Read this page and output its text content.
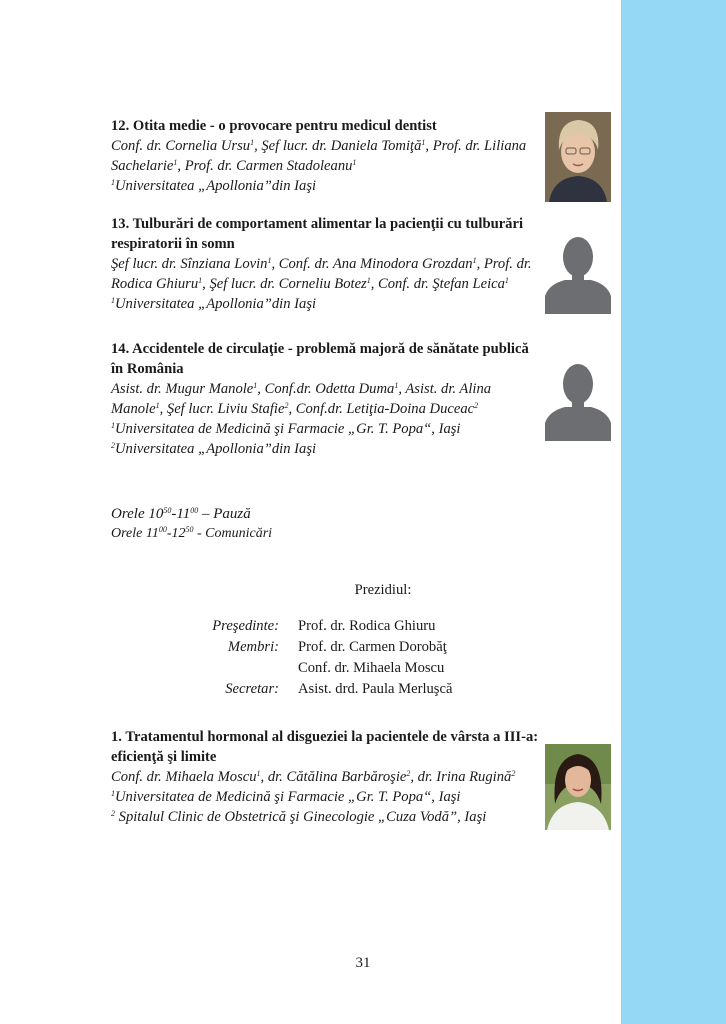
12. Otita medie - o provocare pentru medicul dentist
Conf. dr. Cornelia Ursu$^1$, Şef lucr. dr. Daniela Tomiţă$^1$, Prof. dr. Liliana Sachelarie$^1$, Prof. dr. Carmen Stadoleanu$^1$
$^1$Universitatea „Apollonia”din Iaşi
13. Tulburări de comportament alimentar la pacienţii cu tulburări respiratorii în somn
Şef lucr. dr. Sînziana Lovin$^1$, Conf. dr. Ana Minodora Grozdan$^1$, Prof. dr. Rodica Ghiuru$^1$, Şef lucr. dr. Corneliu Botez$^1$, Conf. dr. Ştefan Leica$^1$
$^1$Universitatea „Apollonia”din Iaşi
14. Accidentele de circulaţie - problemă majoră de sănătate publică în România
Asist. dr. Mugur Manole$^1$, Conf.dr. Odetta Duma$^1$, Asist. dr. Alina Manole$^1$, Şef lucr. Liviu Stafie$^2$, Conf.dr. Letiţia-Doina Duceac$^2$
$^1$Universitatea de Medicină şi Farmacie „Gr. T. Popa“, Iaşi
$^2$Universitatea „Apollonia”din Iaşi
Orele $10^{50}-11^{00}$ – Pauză
Orele $11^{00}-12^{50}$ - Comunicări
Prezidiul:
Preşedinte: Prof. dr. Rodica Ghiuru
Membri: Prof. dr. Carmen Dorobăţ
Conf. dr. Mihaela Moscu
Secretar: Asist. drd. Paula Merluşcă
1. Tratamentul hormonal al disgueziei la pacientele de vârsta a III-a: eficienţă şi limite
Conf. dr. Mihaela Moscu$^1$, dr. Cătălina Barbăroşie$^2$, dr. Irina Rugină$^2$
$^1$Universitatea de Medicină şi Farmacie „Gr. T. Popa“, Iaşi
$^2$ Spitalul Clinic de Obstetrică şi Ginecologie „Cuza Vodă”, Iaşi
31
